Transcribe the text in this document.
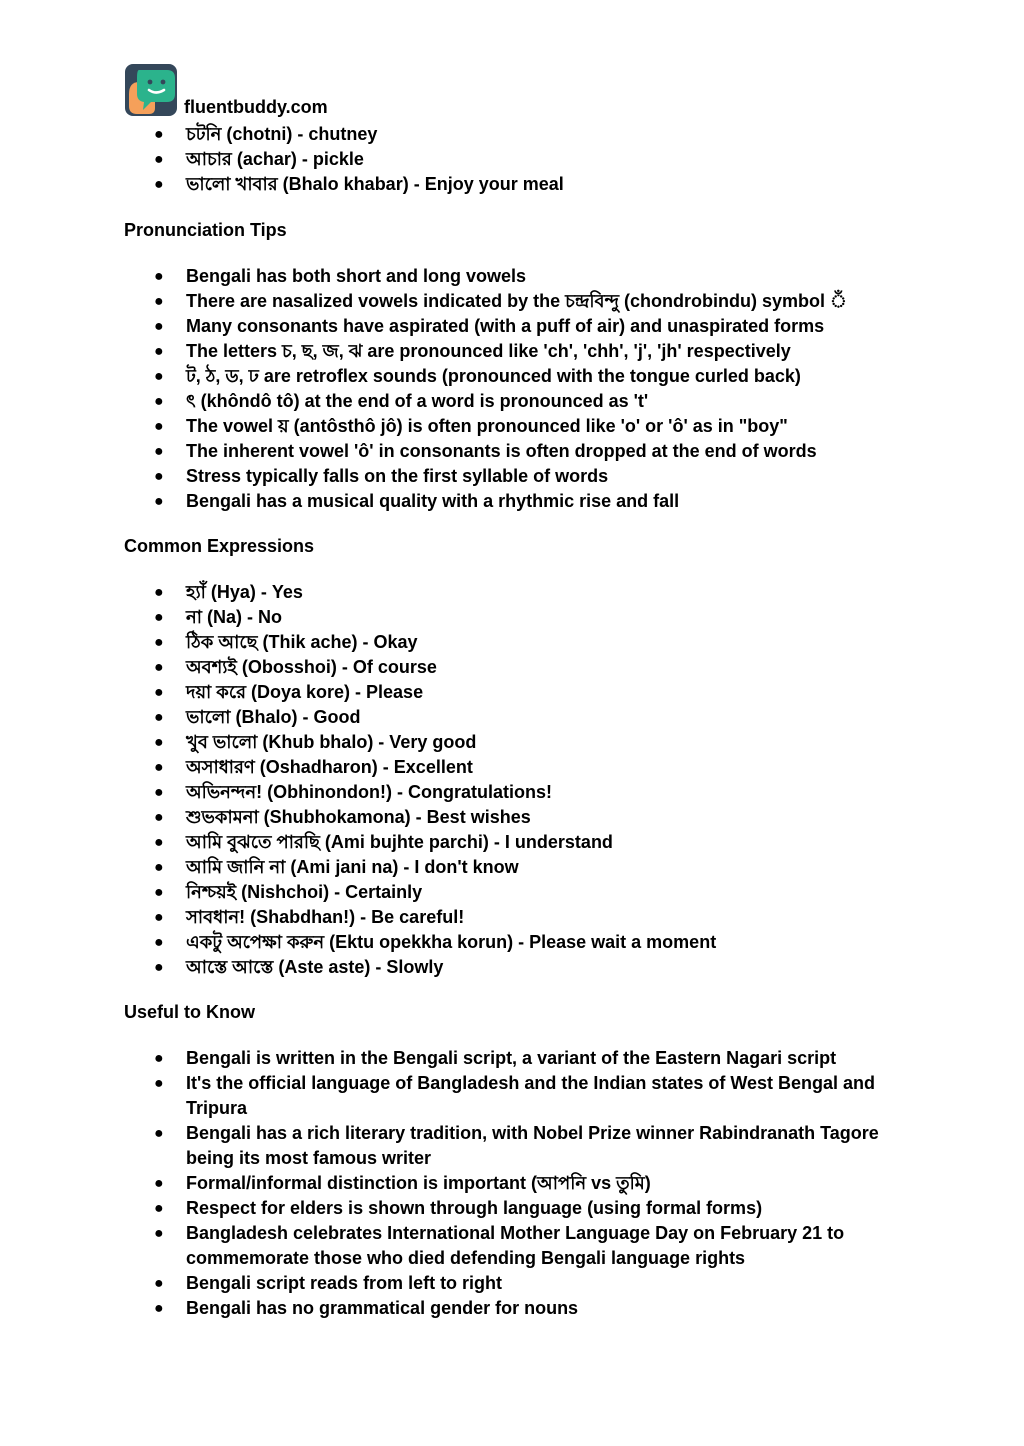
fluentbuddy.com
● চটনি (chotni) - chutney
● আচার (achar) - pickle
● ভালো খাবার (Bhalo khabar) - Enjoy your meal
Pronunciation Tips
● Bengali has both short and long vowels
● There are nasalized vowels indicated by the চন্দ্রবিন্দু (chondrobindu) symbol ঁ
● Many consonants have aspirated (with a puff of air) and unaspirated forms
● The letters চ, ছ, জ, ঝ are pronounced like 'ch', 'chh', 'j', 'jh' respectively
● ট, ঠ, ড, ঢ are retroflex sounds (pronounced with the tongue curled back)
● ৎ (khôndô tô) at the end of a word is pronounced as 't'
● The vowel য় (antôsthô jô) is often pronounced like 'o' or 'ô' as in "boy"
● The inherent vowel 'ô' in consonants is often dropped at the end of words
● Stress typically falls on the first syllable of words
● Bengali has a musical quality with a rhythmic rise and fall
Common Expressions
● হ্যাঁ (Hya) - Yes
● না (Na) - No
● ঠিক আছে (Thik ache) - Okay
● অবশ্যই (Obosshoi) - Of course
● দয়া করে (Doya kore) - Please
● ভালো (Bhalo) - Good
● খুব ভালো (Khub bhalo) - Very good
● অসাধারণ (Oshadharon) - Excellent
● অভিনন্দন! (Obhinondon!) - Congratulations!
● শুভকামনা (Shubhokamona) - Best wishes
● আমি বুঝতে পারছি (Ami bujhte parchi) - I understand
● আমি জানি না (Ami jani na) - I don't know
● নিশ্চয়ই (Nishchoi) - Certainly
● সাবধান! (Shabdhan!) - Be careful!
● একটু অপেক্ষা করুন (Ektu opekkha korun) - Please wait a moment
● আস্তে আস্তে (Aste aste) - Slowly
Useful to Know
● Bengali is written in the Bengali script, a variant of the Eastern Nagari script
● It's the official language of Bangladesh and the Indian states of West Bengal and Tripura
● Bengali has a rich literary tradition, with Nobel Prize winner Rabindranath Tagore being its most famous writer
● Formal/informal distinction is important (আপনি vs তুমি)
● Respect for elders is shown through language (using formal forms)
● Bangladesh celebrates International Mother Language Day on February 21 to commemorate those who died defending Bengali language rights
● Bengali script reads from left to right
● Bengali has no grammatical gender for nouns
